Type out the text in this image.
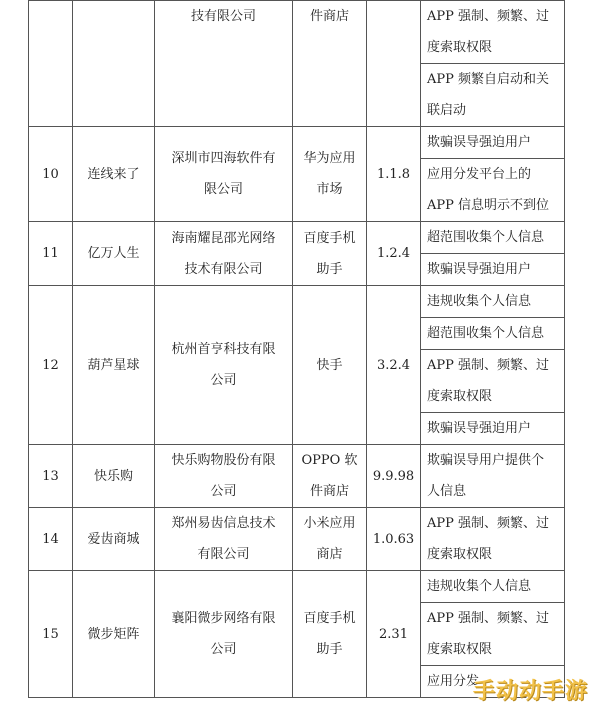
		技有限公司	件商店		APP 强制、频繁、过
度索取权限

					APP 频繁自启动和关
联启动

10	连线来了	深圳市四海软件有
限公司	华为应用
市场	1.1.8	欺骗误导强迫用户

					应用分发平台上的
APP 信息明示不到位

11	亿万人生	海南耀昆邵光网络
技术有限公司	百度手机
助手	1.2.4	超范围收集个人信息

					欺骗误导强迫用户

12	葫芦星球	杭州首亨科技有限
公司	快手	3.2.4	违规收集个人信息

					超范围收集个人信息

					APP 强制、频繁、过
度索取权限

					欺骗误导强迫用户

13	快乐购	快乐购物股份有限
公司	OPPO 软
件商店	9.9.98	欺骗误导用户提供个
人信息

14	爱齿商城	郑州易齿信息技术
有限公司	小米应用
商店	1.0.63	APP 强制、频繁、过
度索取权限

15	微步矩阵	襄阳微步网络有限
公司	百度手机
助手	2.31	违规收集个人信息

					APP 强制、频繁、过
度索取权限

					应用分发
手动动手游
